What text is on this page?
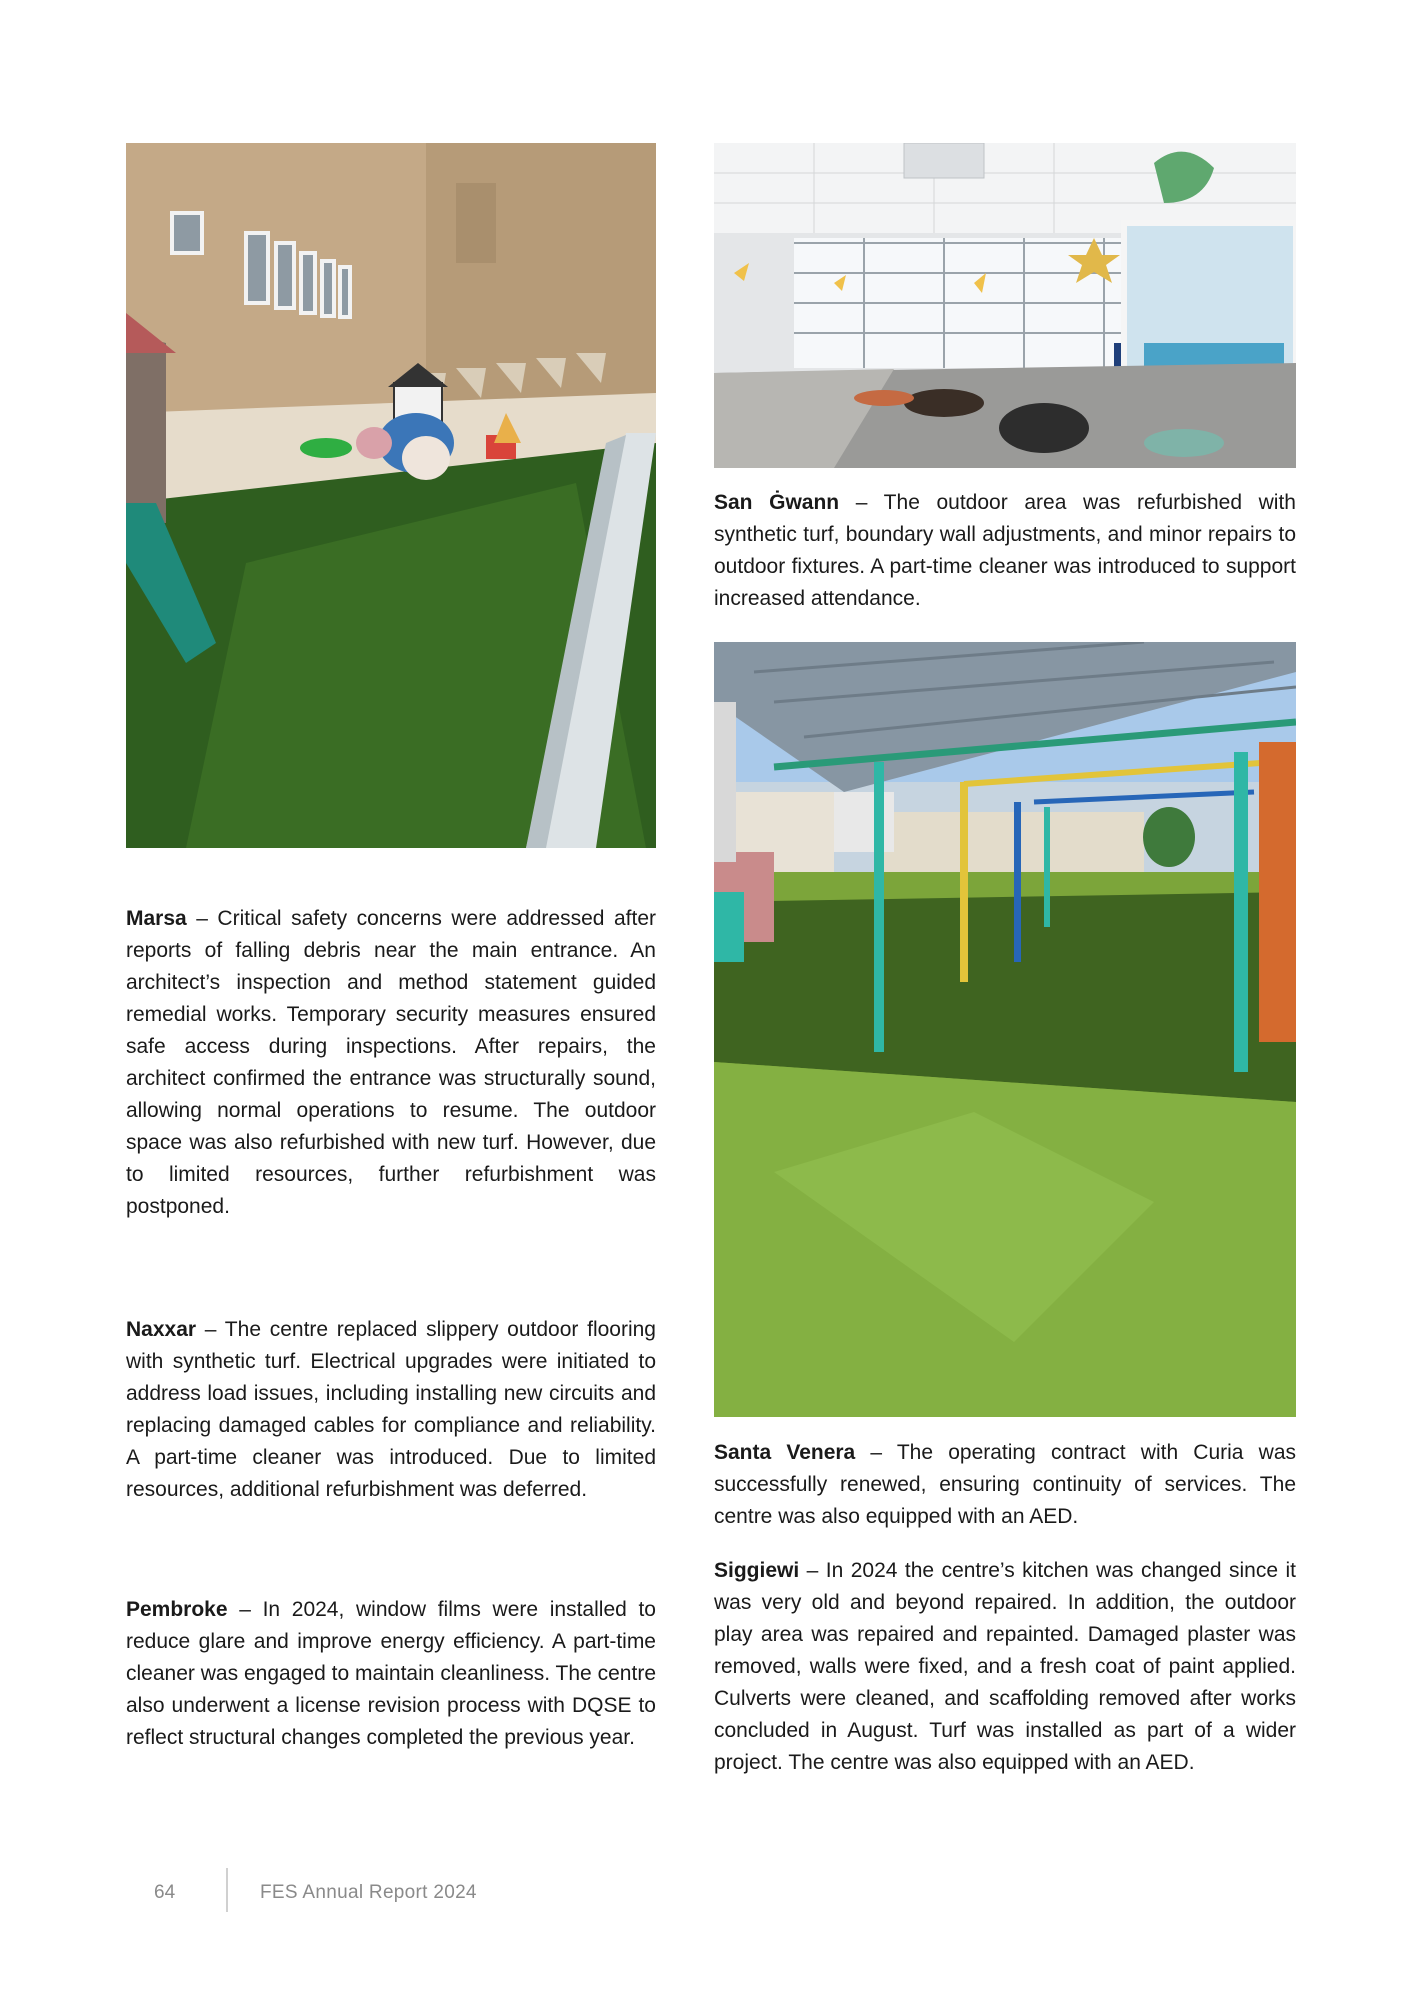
San Ġwann – The outdoor area was refurbished with synthetic turf, boundary wall adjustments, and minor repairs to outdoor fixtures. A part-time cleaner was introduced to support increased attendance.

Santa Venera – The operating contract with Curia was successfully renewed, ensuring continuity of services. The centre was also equipped with an AED.

Siggiewi – In 2024 the centre’s kitchen was changed since it was very old and beyond repaired. In addition, the outdoor play area was repaired and repainted. Damaged plaster was removed, walls were fixed, and a fresh coat of paint applied. Culverts were cleaned, and scaffolding removed after works concluded in August. Turf was installed as part of a wider project. The centre was also equipped with an AED.

Marsa – Critical safety concerns were addressed after reports of falling debris near the main entrance. An architect’s inspection and method statement guided remedial works. Temporary security measures ensured safe access during inspections. After repairs, the architect confirmed the entrance was structurally sound, allowing normal operations to resume. The outdoor space was also refurbished with new turf. However, due to limited resources, further refurbishment was postponed.

Naxxar – The centre replaced slippery outdoor flooring with synthetic turf. Electrical upgrades were initiated to address load issues, including installing new circuits and replacing damaged cables for compliance and reliability. A part-time cleaner was introduced. Due to limited resources, additional refurbishment was deferred.

Pembroke – In 2024, window films were installed to reduce glare and improve energy efficiency. A part-time cleaner was engaged to maintain cleanliness. The centre also underwent a license revision process with DQSE to reflect structural changes completed the previous year.

64	FES Annual Report 2024
